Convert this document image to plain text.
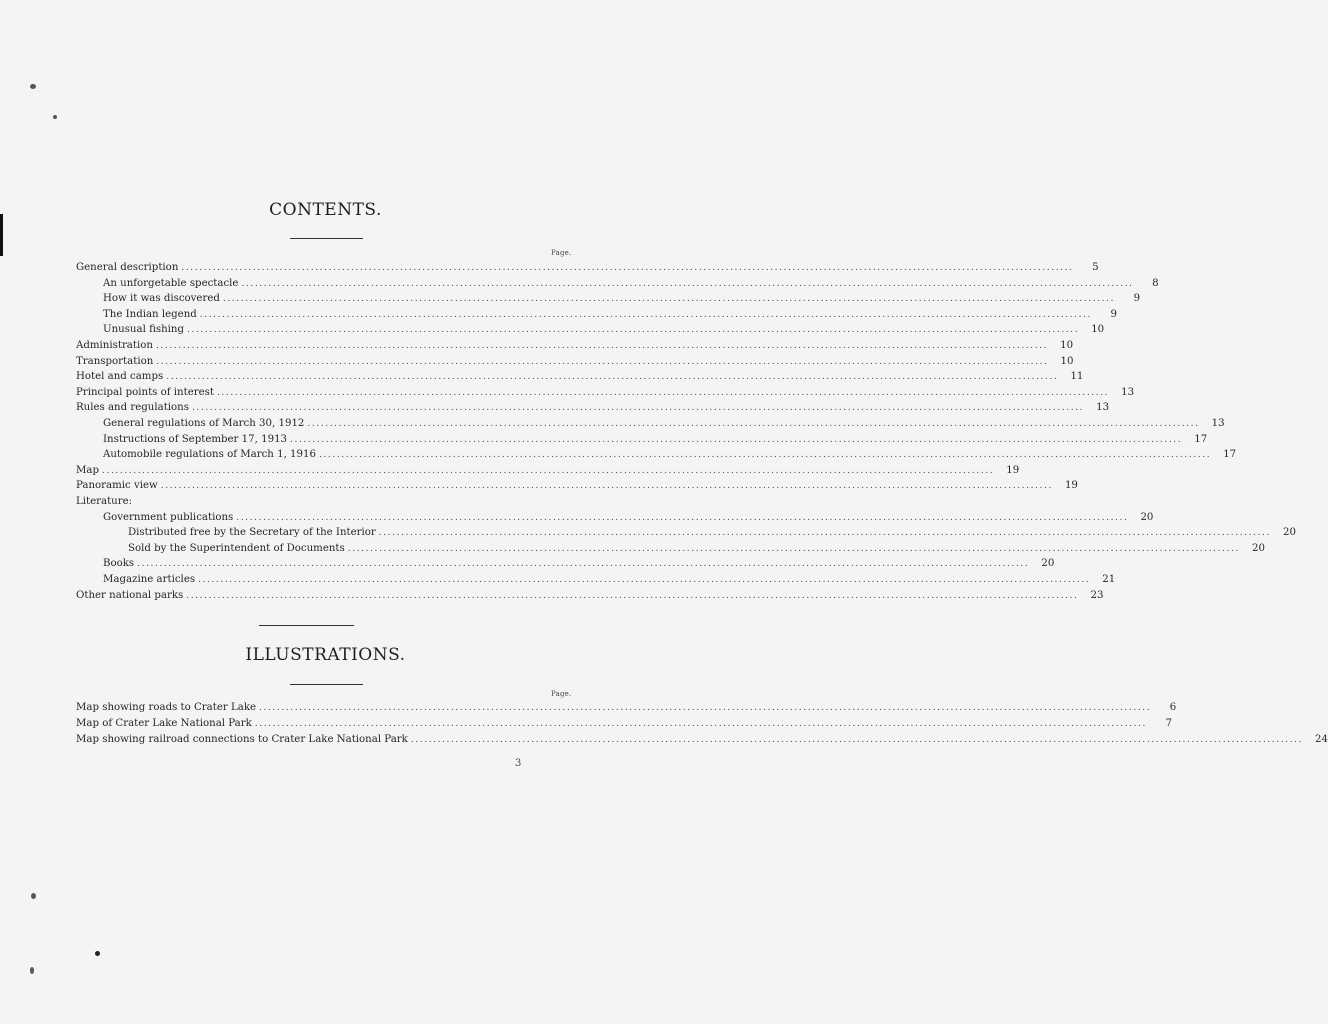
CONTENTS.
Page.
General description ........................................................................................................................................................................................................	5
An unforgetable spectacle ........................................................................................................................................................................................................	8
How it was discovered ........................................................................................................................................................................................................	9
The Indian legend ........................................................................................................................................................................................................	9
Unusual fishing ........................................................................................................................................................................................................	10
Administration ........................................................................................................................................................................................................	10
Transportation ........................................................................................................................................................................................................	10
Hotel and camps ........................................................................................................................................................................................................	11
Principal points of interest ........................................................................................................................................................................................................	13
Rules and regulations ........................................................................................................................................................................................................	13
General regulations of March 30, 1912 ........................................................................................................................................................................................................	13
Instructions of September 17, 1913 ........................................................................................................................................................................................................	17
Automobile regulations of March 1, 1916 ........................................................................................................................................................................................................	17
Map ........................................................................................................................................................................................................	19
Panoramic view ........................................................................................................................................................................................................	19
Literature:
Government publications ........................................................................................................................................................................................................	20
Distributed free by the Secretary of the Interior ........................................................................................................................................................................................................	20
Sold by the Superintendent of Documents ........................................................................................................................................................................................................	20
Books ........................................................................................................................................................................................................	20
Magazine articles ........................................................................................................................................................................................................	21
Other national parks ........................................................................................................................................................................................................	23
ILLUSTRATIONS.
Page.
Map showing roads to Crater Lake ........................................................................................................................................................................................................	6
Map of Crater Lake National Park ........................................................................................................................................................................................................	7
Map showing railroad connections to Crater Lake National Park ........................................................................................................................................................................................................	24
3
